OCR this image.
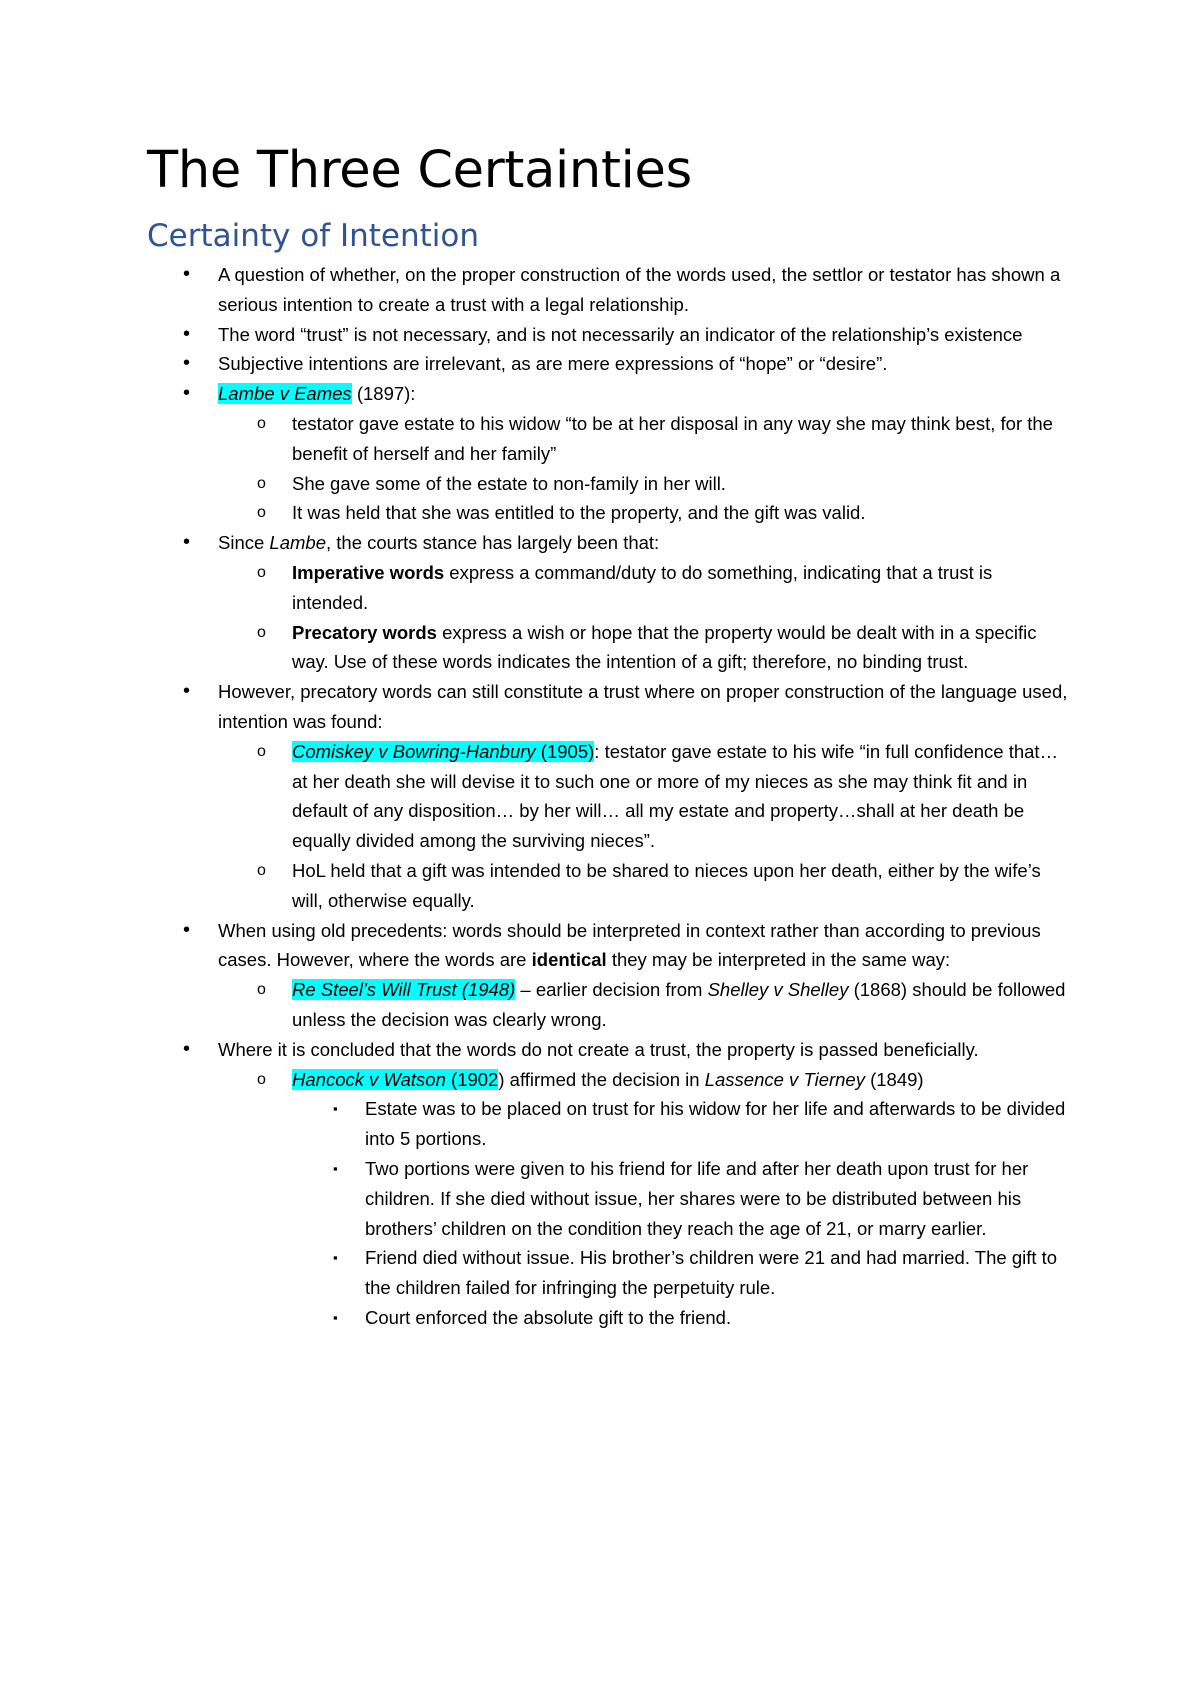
The Three Certainties
Certainty of Intention
• A question of whether, on the proper construction of the words used, the settlor or testator has shown a serious intention to create a trust with a legal relationship.
• The word “trust” is not necessary, and is not necessarily an indicator of the relationship’s existence
• Subjective intentions are irrelevant, as are mere expressions of “hope” or “desire”.
• Lambe v Eames (1897):
o testator gave estate to his widow “to be at her disposal in any way she may think best, for the benefit of herself and her family”
o She gave some of the estate to non-family in her will.
o It was held that she was entitled to the property, and the gift was valid.
• Since Lambe, the courts stance has largely been that:
o Imperative words express a command/duty to do something, indicating that a trust is intended.
o Precatory words express a wish or hope that the property would be dealt with in a specific way. Use of these words indicates the intention of a gift; therefore, no binding trust.
• However, precatory words can still constitute a trust where on proper construction of the language used, intention was found:
o Comiskey v Bowring-Hanbury (1905): testator gave estate to his wife “in full confidence that… at her death she will devise it to such one or more of my nieces as she may think fit and in default of any disposition… by her will… all my estate and property…shall at her death be equally divided among the surviving nieces”.
o HoL held that a gift was intended to be shared to nieces upon her death, either by the wife’s will, otherwise equally.
• When using old precedents: words should be interpreted in context rather than according to previous cases. However, where the words are identical they may be interpreted in the same way:
o Re Steel’s Will Trust (1948) – earlier decision from Shelley v Shelley (1868) should be followed unless the decision was clearly wrong.
• Where it is concluded that the words do not create a trust, the property is passed beneficially.
o Hancock v Watson (1902) affirmed the decision in Lassence v Tierney (1849)
▪ Estate was to be placed on trust for his widow for her life and afterwards to be divided into 5 portions.
▪ Two portions were given to his friend for life and after her death upon trust for her children. If she died without issue, her shares were to be distributed between his brothers’ children on the condition they reach the age of 21, or marry earlier.
▪ Friend died without issue. His brother’s children were 21 and had married. The gift to the children failed for infringing the perpetuity rule.
▪ Court enforced the absolute gift to the friend.
